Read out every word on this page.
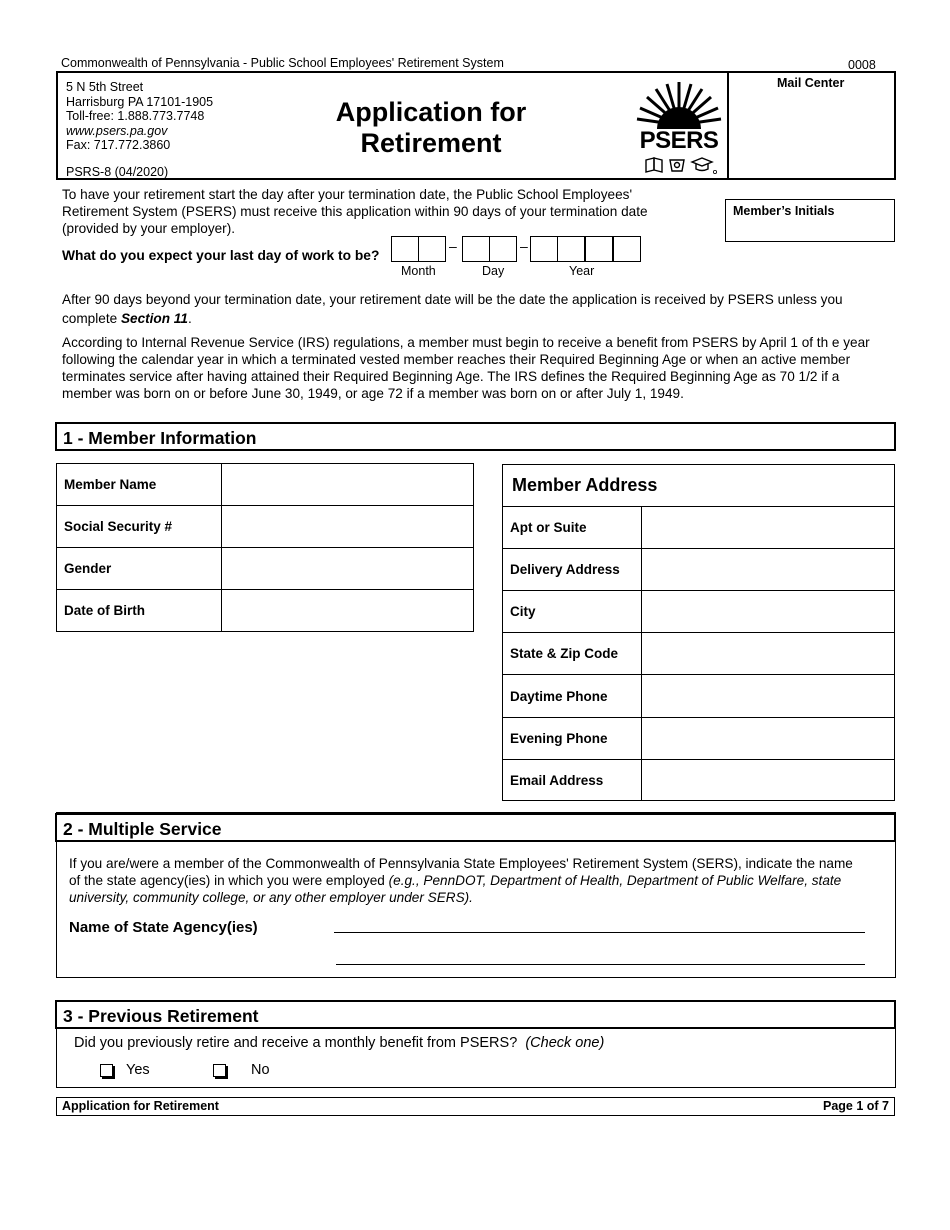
Commonwealth of Pennsylvania - Public School Employees' Retirement System	0008
5 N 5th Street
Harrisburg PA 17101-1905
Toll-free: 1.888.773.7748
www.psers.pa.gov
Fax: 717.772.3860
PSRS-8 (04/2020)
Application for
Retirement	PSERS
Mail Center
To have your retirement start the day after your termination date, the Public School Employees' Retirement System (PSERS) must receive this application within 90 days of your termination date (provided by your employer).
Member’s Initials
What do you expect your last day of work to be?
–	–
Month	Day	Year
After 90 days beyond your termination date, your retirement date will be the date the application is received by PSERS unless you complete Section 11.
According to Internal Revenue Service (IRS) regulations, a member must begin to receive a benefit from PSERS by April 1 of th e year following the calendar year in which a terminated vested member reaches their Required Beginning Age or when an active member terminates service after having attained their Required Beginning Age. The IRS defines the Required Beginning Age as 70 1/2 if a member was born on or before June 30, 1949, or age 72 if a member was born on or after July 1, 1949.
1 - Member Information
Member Name	
Social Security #	
Gender	
Date of Birth	
Member Address	
Apt or Suite	
Delivery Address	
City	
State & Zip Code	
Daytime Phone	
Evening Phone	
Email Address	
2 - Multiple Service
If you are/were a member of the Commonwealth of Pennsylvania State Employees' Retirement System (SERS), indicate the name of the state agency(ies) in which you were employed (e.g., PennDOT, Department of Health, Department of Public Welfare, state university, community college, or any other employer under SERS).
Name of State Agency(ies)
3 - Previous Retirement
Did you previously retire and receive a monthly benefit from PSERS? (Check one)
Yes	No
Application for Retirement	Page 1 of 7
